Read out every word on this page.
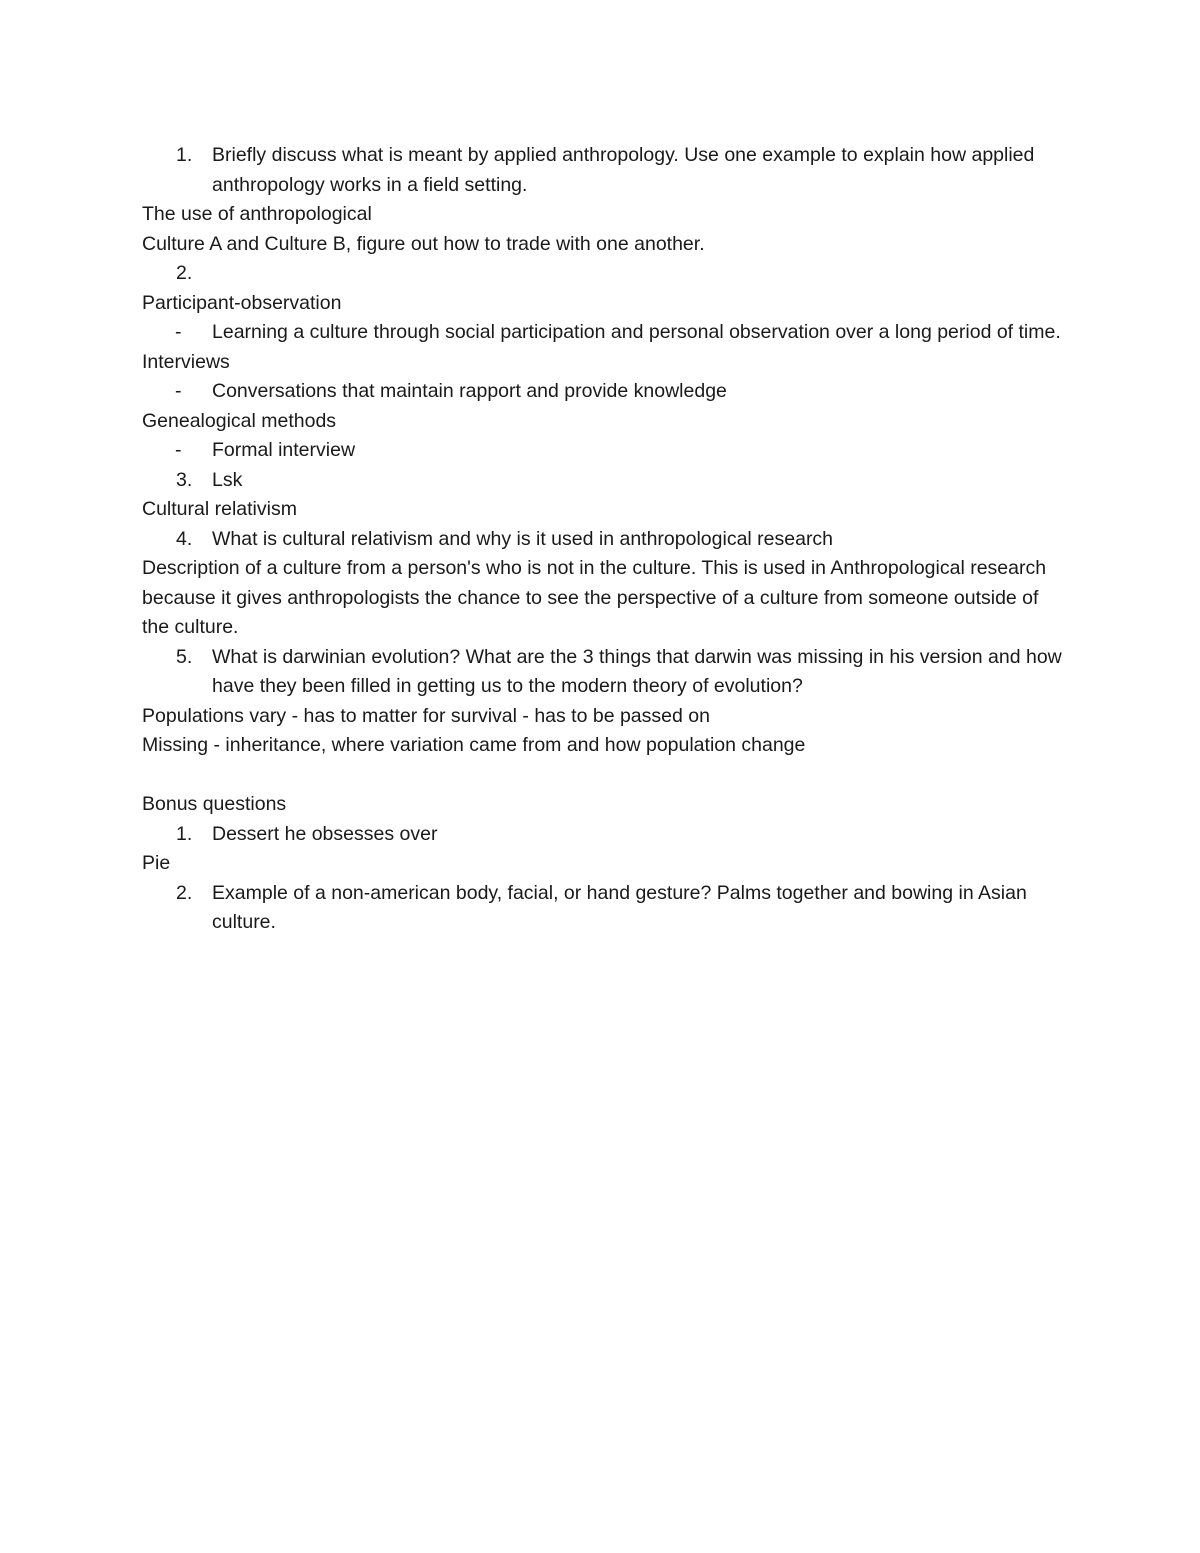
1.	Briefly discuss what is meant by applied anthropology. Use one example to explain how applied anthropology works in a field setting.
The use of anthropological
Culture A and Culture B, figure out how to trade with one another.
2.
Participant-observation
-	Learning a culture through social participation and personal observation over a long period of time.
Interviews
-	Conversations that maintain rapport and provide knowledge
Genealogical methods
-	Formal interview
3.	Lsk
Cultural relativism
4.	What is cultural relativism and why is it used in anthropological research
Description of a culture from a person's who is not in the culture. This is used in Anthropological research because it gives anthropologists the chance to see the perspective of a culture from someone outside of the culture.
5.	What is darwinian evolution? What are the 3 things that darwin was missing in his version and how have they been filled in getting us to the modern theory of evolution?
Populations vary - has to matter for survival - has to be passed on
Missing - inheritance, where variation came from and how population change
Bonus questions
1.	Dessert he obsesses over
Pie
2.	Example of a non-american body, facial, or hand gesture? Palms together and bowing in Asian culture.
